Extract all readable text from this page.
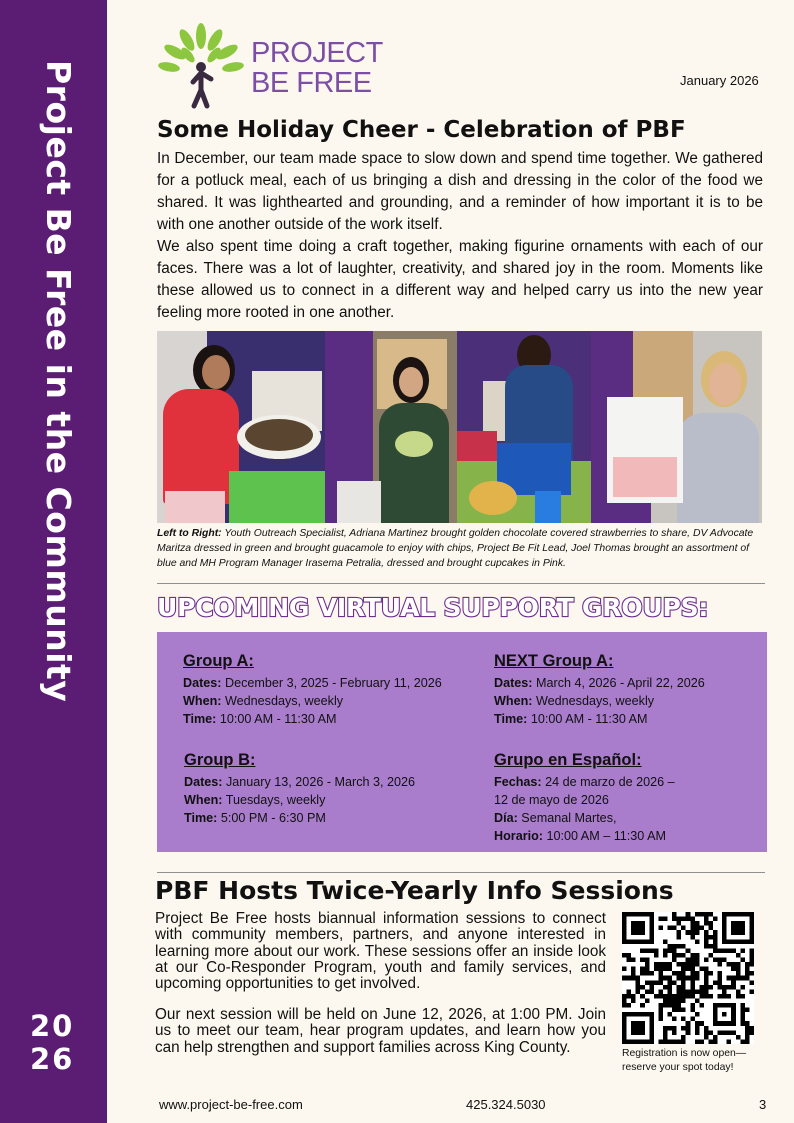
Project Be Free in the Community
20
26
PROJECT
BE FREE	January 2026
Some Holiday Cheer - Celebration of PBF

In December, our team made space to slow down and spend time together. We gathered for a potluck meal, each of us bringing a dish and dressing in the color of the food we shared. It was lighthearted and grounding, and a reminder of how important it is to be with one another outside of the work itself.

We also spent time doing a craft together, making figurine ornaments with each of our faces. There was a lot of laughter, creativity, and shared joy in the room. Moments like these allowed us to connect in a different way and helped carry us into the new year feeling more rooted in one another.

Left to Right: Youth Outreach Specialist, Adriana Martinez brought golden chocolate covered strawberries to share, DV Advocate Maritza dressed in green and brought guacamole to enjoy with chips, Project Be Fit Lead, Joel Thomas brought an assortment of blue and MH Program Manager Irasema Petralia, dressed and brought cupcakes in Pink.

UPCOMING VIRTUAL SUPPORT GROUPS:
Group A:
Dates: December 3, 2025 - February 11, 2026
When: Wednesdays, weekly
Time: 10:00 AM - 11:30 AM
NEXT Group A:
Dates: March 4, 2026 - April 22, 2026
When: Wednesdays, weekly
Time: 10:00 AM - 11:30 AM
Group B:
Dates: January 13, 2026 - March 3, 2026
When: Tuesdays, weekly
Time: 5:00 PM - 6:30 PM
Grupo en Español:
Fechas: 24 de marzo de 2026 –
12 de mayo de 2026
Día: Semanal Martes,
Horario: 10:00 AM – 11:30 AM
PBF Hosts Twice-Yearly Info Sessions

Project Be Free hosts biannual information sessions to connect with community members, partners, and anyone interested in learning more about our work. These sessions offer an inside look at our Co-Responder Program, youth and family services, and upcoming opportunities to get involved.

Our next session will be held on June 12, 2026, at 1:00 PM. Join us to meet our team, hear program updates, and learn how you can help strengthen and support families across King County.	Registration is now open—reserve your spot today!
www.project-be-free.com	425.324.5030	3
